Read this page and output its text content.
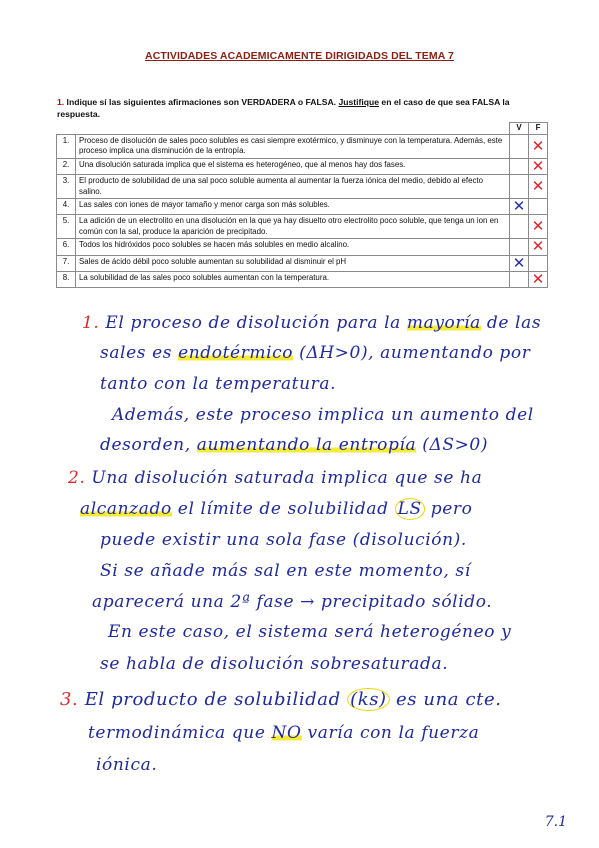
ACTIVIDADES ACADEMICAMENTE DIRIGIDADS DEL TEMA 7
1. Indique sí las siguientes afirmaciones son VERDADERA o FALSA. Justifique en el caso de que sea FALSA la respuesta.
		V	F
1.	Proceso de disolución de sales poco solubles es casi siempre exotérmico, y disminuye con la temperatura. Además, este proceso implica una disminución de la entropía.		✕
2.	Una disolución saturada implica que el sistema es heterogéneo, que al menos hay dos fases.		✕
3.	El producto de solubilidad de una sal poco soluble aumenta al aumentar la fuerza iónica del medio, debido al efecto salino.		✕
4.	Las sales con iones de mayor tamaño y menor carga son más solubles.	✕	
5.	La adición de un electrolito en una disolución en la que ya hay disuelto otro electrolito poco soluble, que tenga un ion en común con la sal, produce la aparición de precipitado.		✕
6.	Todos los hidróxidos poco solubles se hacen más solubles en medio alcalino.		✕
7.	Sales de ácido débil poco soluble aumentan su solubilidad al disminuir el pH	✕	
8.	La solubilidad de las sales poco solubles aumentan con la temperatura.		✕
1. El proceso de disolución para la mayoría de las
sales es endotérmico (ΔH>0), aumentando por
tanto con la temperatura.
Además, este proceso implica un aumento del
desorden, aumentando la entropía (ΔS>0)
2. Una disolución saturada implica que se ha
alcanzado el límite de solubilidad LS pero
puede existir una sola fase (disolución).
Si se añade más sal en este momento, sí
aparecerá una 2ª fase → precipitado sólido.
En este caso, el sistema será heterogéneo y
se habla de disolución sobresaturada.
3. El producto de solubilidad (ks) es una cte.
termodinámica que NO varía con la fuerza
iónica.
7.1
